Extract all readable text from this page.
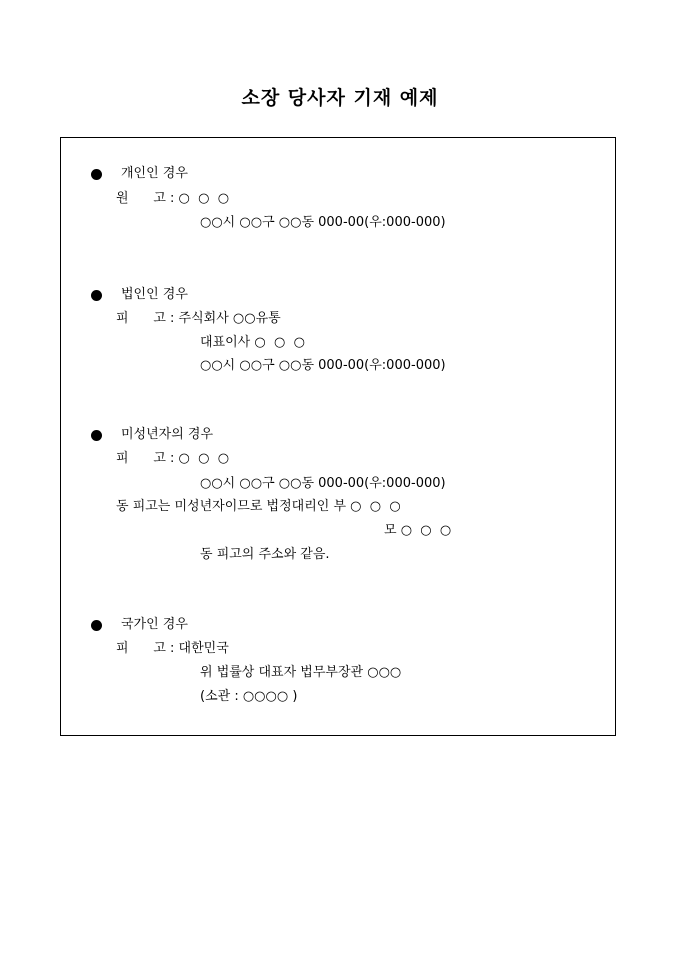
소장 당사자 기재 예제
개인인 경우
원      고 : ○  ○  ○
○○시 ○○구 ○○동 000-00(우:000-000)
법인인 경우
피      고 : 주식회사 ○○유통
대표이사 ○  ○  ○
○○시 ○○구 ○○동 000-00(우:000-000)
미성년자의 경우
피      고 : ○  ○  ○
○○시 ○○구 ○○동 000-00(우:000-000)
동 피고는 미성년자이므로 법정대리인 부 ○  ○  ○
모 ○  ○  ○
동 피고의 주소와 같음.
국가인 경우
피      고 : 대한민국
위 법률상 대표자 법무부장관 ○○○
(소관 : ○○○○ )
